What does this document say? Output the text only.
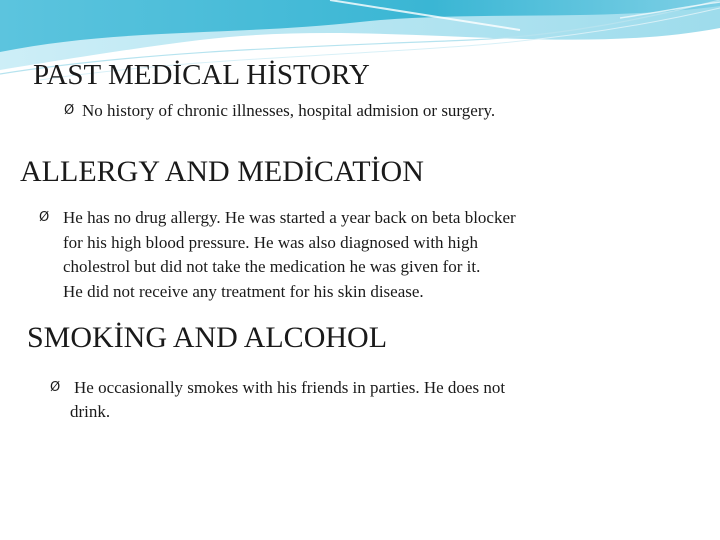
PAST MEDİCAL HİSTORY
Ø No history of chronic illnesses, hospital admision or surgery.
ALLERGY AND MEDİCATİON
Ø He has no drug allergy. He was started a year back on beta blocker
for his high blood pressure. He was also diagnosed with high
cholestrol but did not take the medication he was given for it.
He did not receive any treatment for his skin disease.
SMOKİNG AND ALCOHOL
Ø He occasionally smokes with his friends in parties. He does not
drink.
